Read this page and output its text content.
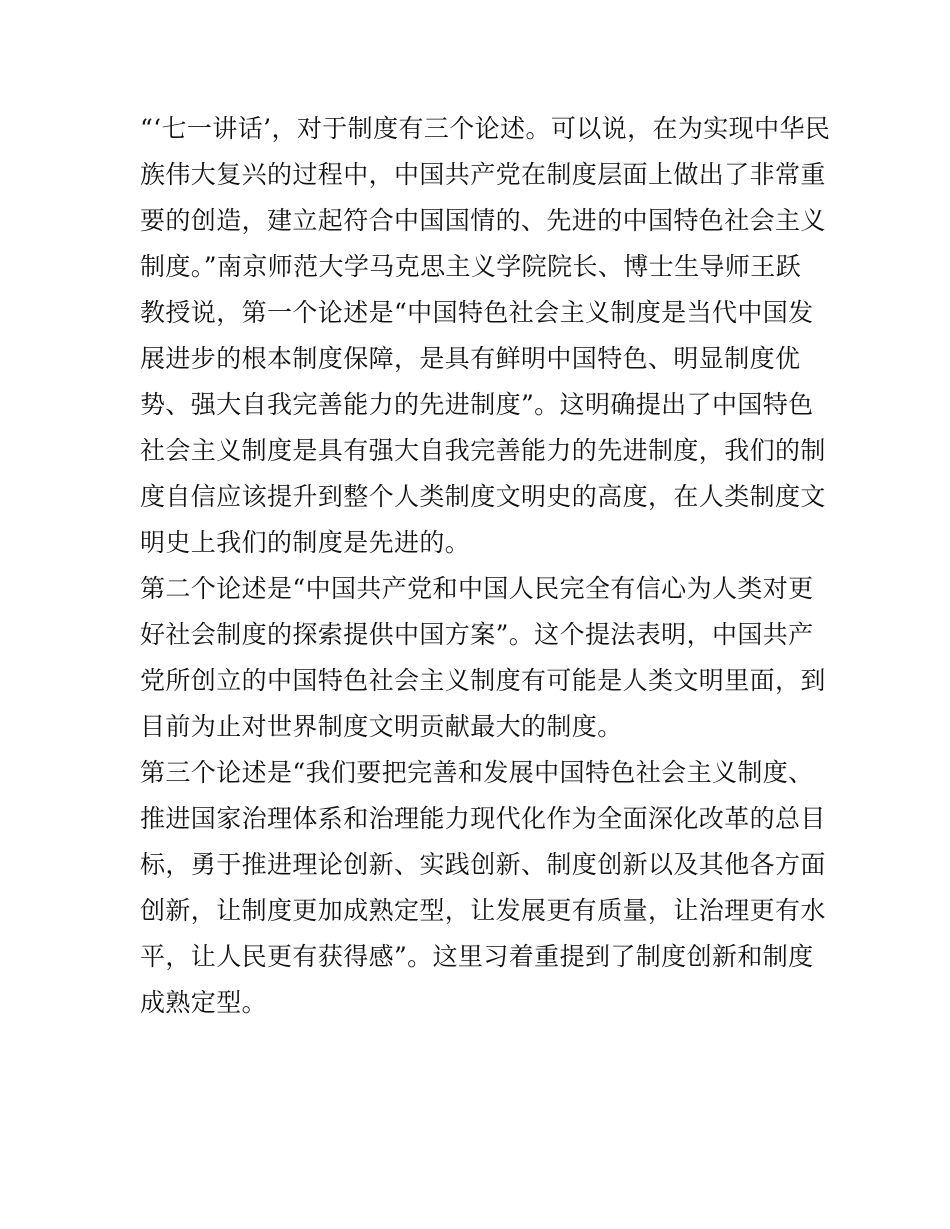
“‘七一讲话’，对于制度有三个论述。可以说，在为实现中华民
族伟大复兴的过程中，中国共产党在制度层面上做出了非常重
要的创造，建立起符合中国国情的、先进的中国特色社会主义
制度。”南京师范大学马克思主义学院院长、博士生导师王跃
教授说，第一个论述是“中国特色社会主义制度是当代中国发
展进步的根本制度保障，是具有鲜明中国特色、明显制度优
势、强大自我完善能力的先进制度”。这明确提出了中国特色
社会主义制度是具有强大自我完善能力的先进制度，我们的制
度自信应该提升到整个人类制度文明史的高度，在人类制度文
明史上我们的制度是先进的。
第二个论述是“中国共产党和中国人民完全有信心为人类对更
好社会制度的探索提供中国方案”。这个提法表明，中国共产
党所创立的中国特色社会主义制度有可能是人类文明里面，到
目前为止对世界制度文明贡献最大的制度。
第三个论述是“我们要把完善和发展中国特色社会主义制度、
推进国家治理体系和治理能力现代化作为全面深化改革的总目
标，勇于推进理论创新、实践创新、制度创新以及其他各方面
创新，让制度更加成熟定型，让发展更有质量，让治理更有水
平，让人民更有获得感”。这里习着重提到了制度创新和制度
成熟定型。
